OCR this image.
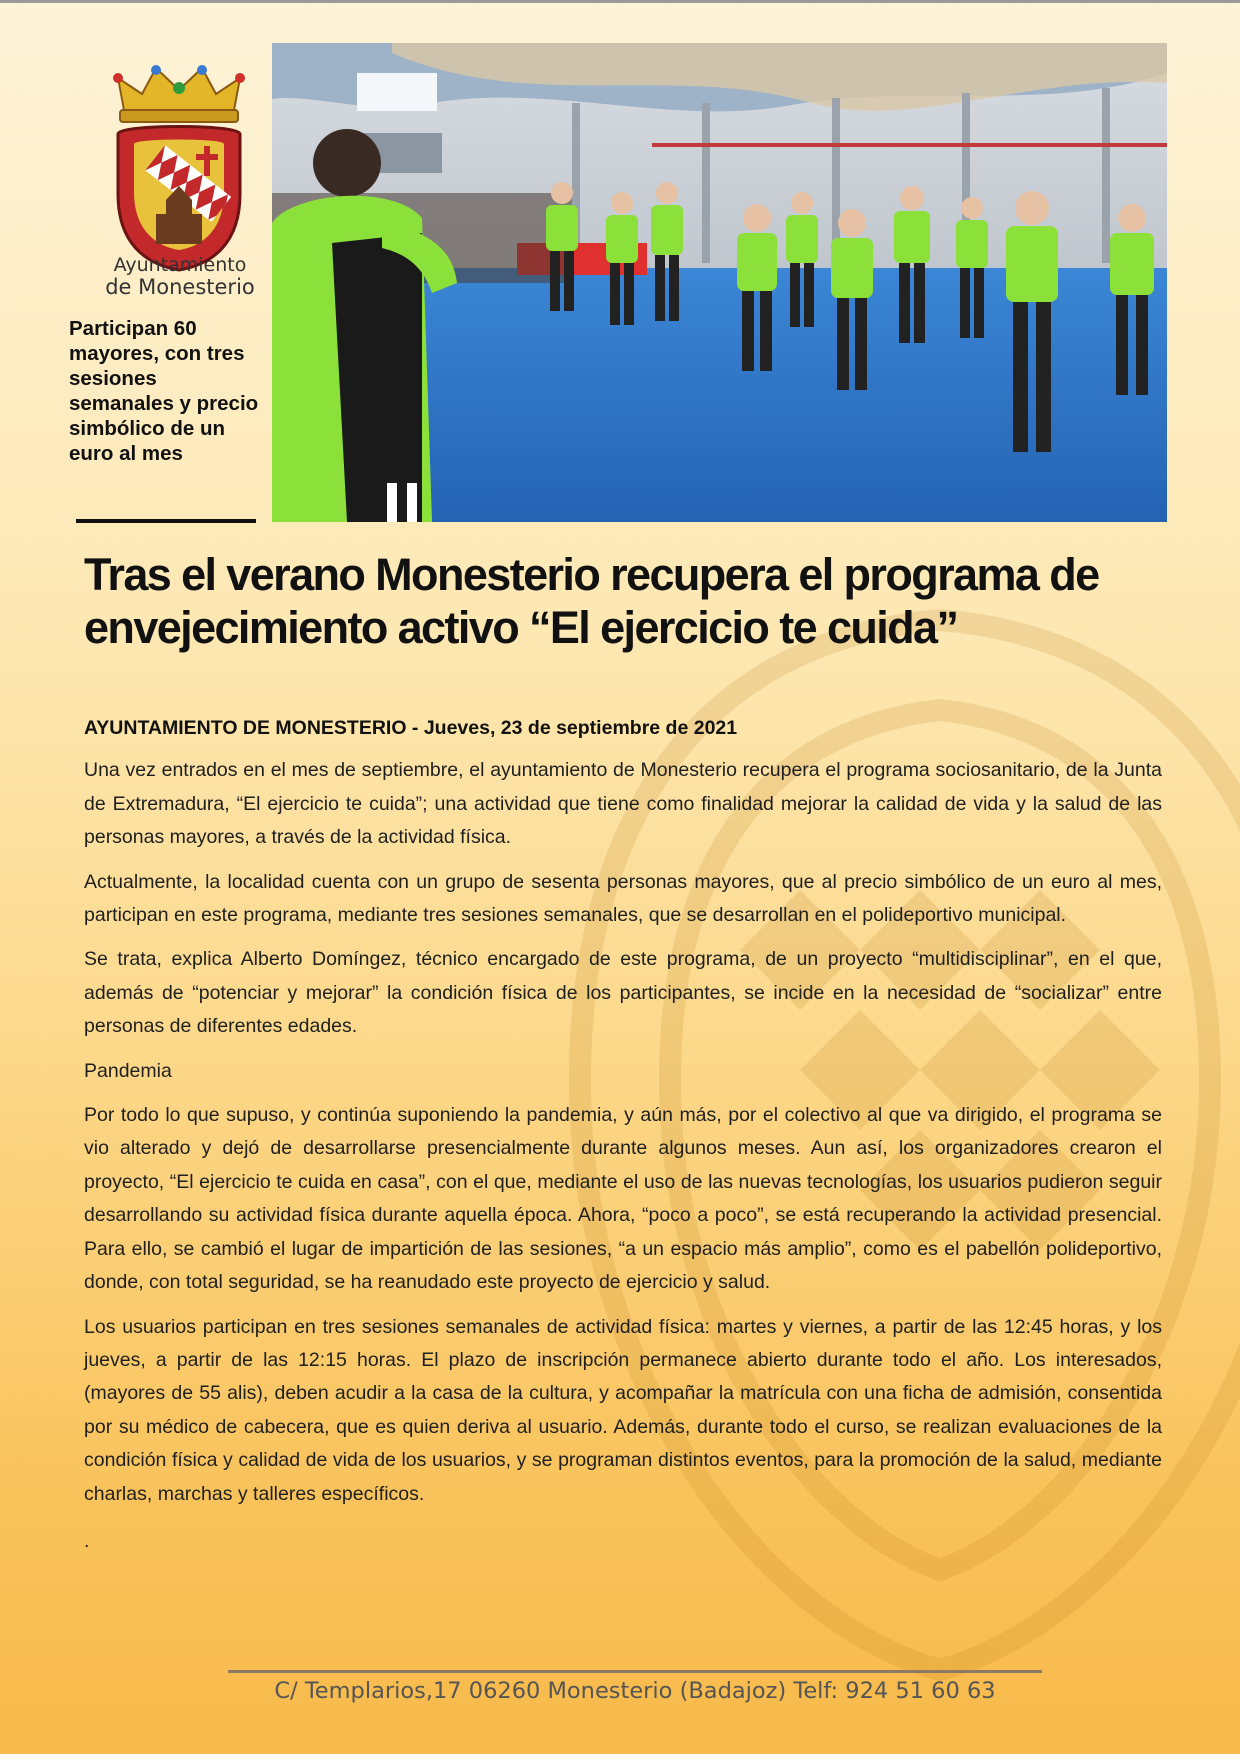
Ayuntamiento
de Monesterio

Participan 60 mayores, con tres sesiones semanales y precio simbólico de un euro al mes

Tras el verano Monesterio recupera el programa de envejecimiento activo “El ejercicio te cuida”

AYUNTAMIENTO DE MONESTERIO - Jueves, 23 de septiembre de 2021

Una vez entrados en el mes de septiembre, el ayuntamiento de Monesterio recupera el programa sociosanitario, de la Junta de Extremadura, “El ejercicio te cuida”; una actividad que tiene como finalidad mejorar la calidad de vida y la salud de las personas mayores, a través de la actividad física.

Actualmente, la localidad cuenta con un grupo de sesenta personas mayores, que al precio simbólico de un euro al mes, participan en este programa, mediante tres sesiones semanales, que se desarrollan en el polideportivo municipal.

Se trata, explica Alberto Domíngez, técnico encargado de este programa, de un proyecto “multidisciplinar”, en el que, además de “potenciar y mejorar” la condición física de los participantes, se incide en la necesidad de “socializar” entre personas de diferentes edades.

Pandemia

Por todo lo que supuso, y continúa suponiendo la pandemia, y aún más, por el colectivo al que va dirigido, el programa se vio alterado y dejó de desarrollarse presencialmente durante algunos meses. Aun así, los organizadores crearon el proyecto, “El ejercicio te cuida en casa”, con el que, mediante el uso de las nuevas tecnologías, los usuarios pudieron seguir desarrollando su actividad física durante aquella época. Ahora, “poco a poco”, se está recuperando la actividad presencial. Para ello, se cambió el lugar de impartición de las sesiones, “a un espacio más amplio”, como es el pabellón polideportivo, donde, con total seguridad, se ha reanudado este proyecto de ejercicio y salud.

Los usuarios participan en tres sesiones semanales de actividad física: martes y viernes, a partir de las 12:45 horas, y los jueves, a partir de las 12:15 horas. El plazo de inscripción permanece abierto durante todo el año. Los interesados, (mayores de 55 alis), deben acudir a la casa de la cultura, y acompañar la matrícula con una ficha de admisión, consentida por su médico de cabecera, que es quien deriva al usuario. Además, durante todo el curso, se realizan evaluaciones de la condición física y calidad de vida de los usuarios, y se programan distintos eventos, para la promoción de la salud, mediante charlas, marchas y talleres específicos.

.

C/ Templarios,17 06260 Monesterio (Badajoz) Telf: 924 51 60 63
